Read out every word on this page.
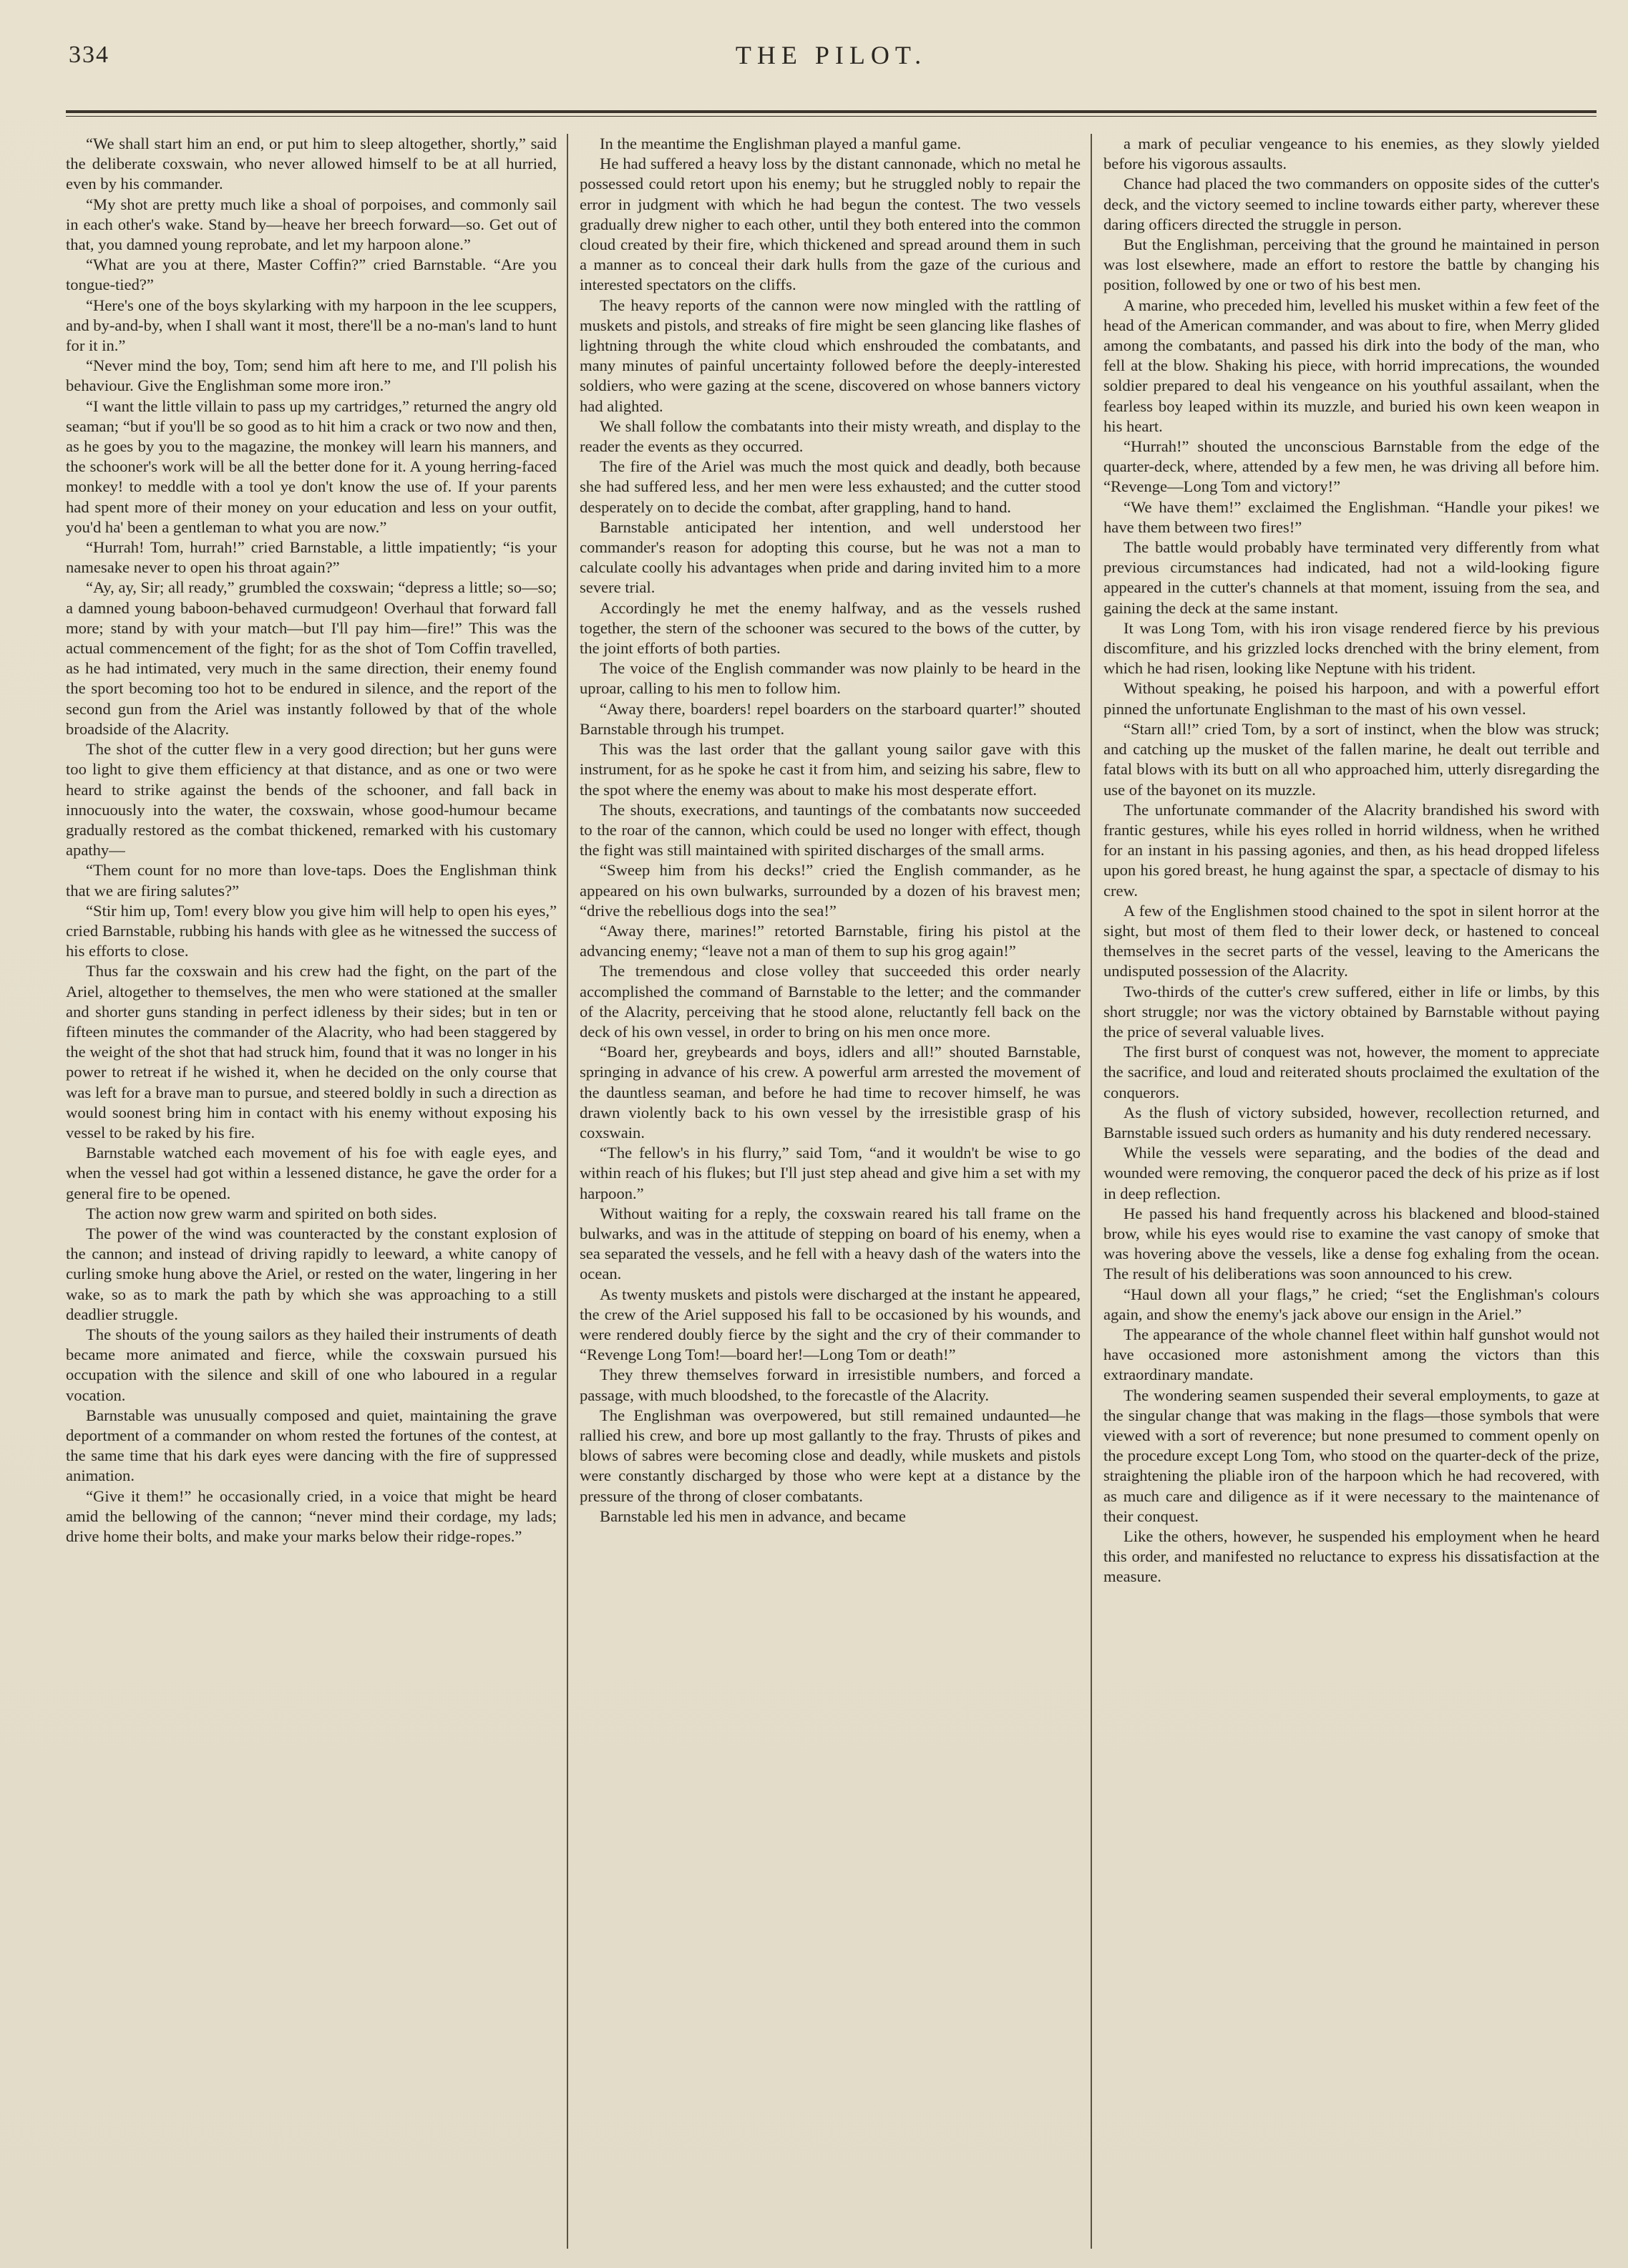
334	THE PILOT.

“We shall start him an end, or put him to sleep altogether, shortly,” said the deliberate coxswain, who never allowed himself to be at all hurried, even by his commander.

“My shot are pretty much like a shoal of porpoises, and commonly sail in each other's wake. Stand by—heave her breech forward—so. Get out of that, you damned young reprobate, and let my harpoon alone.”

“What are you at there, Master Coffin?” cried Barnstable. “Are you tongue-tied?”

“Here's one of the boys skylarking with my harpoon in the lee scuppers, and by-and-by, when I shall want it most, there'll be a no-man's land to hunt for it in.”

“Never mind the boy, Tom; send him aft here to me, and I'll polish his behaviour. Give the Englishman some more iron.”

“I want the little villain to pass up my cartridges,” returned the angry old seaman; “but if you'll be so good as to hit him a crack or two now and then, as he goes by you to the magazine, the monkey will learn his manners, and the schooner's work will be all the better done for it. A young herring-faced monkey! to meddle with a tool ye don't know the use of. If your parents had spent more of their money on your education and less on your outfit, you'd ha' been a gentleman to what you are now.”

“Hurrah! Tom, hurrah!” cried Barnstable, a little impatiently; “is your namesake never to open his throat again?”

“Ay, ay, Sir; all ready,” grumbled the coxswain; “depress a little; so—so; a damned young baboon-behaved curmudgeon! Overhaul that forward fall more; stand by with your match—but I'll pay him—fire!” This was the actual commencement of the fight; for as the shot of Tom Coffin travelled, as he had intimated, very much in the same direction, their enemy found the sport becoming too hot to be endured in silence, and the report of the second gun from the Ariel was instantly followed by that of the whole broadside of the Alacrity.

The shot of the cutter flew in a very good direction; but her guns were too light to give them efficiency at that distance, and as one or two were heard to strike against the bends of the schooner, and fall back in innocuously into the water, the coxswain, whose good-humour became gradually restored as the combat thickened, remarked with his customary apathy—

“Them count for no more than love-taps. Does the Englishman think that we are firing salutes?”

“Stir him up, Tom! every blow you give him will help to open his eyes,” cried Barnstable, rubbing his hands with glee as he witnessed the success of his efforts to close.

Thus far the coxswain and his crew had the fight, on the part of the Ariel, altogether to themselves, the men who were stationed at the smaller and shorter guns standing in perfect idleness by their sides; but in ten or fifteen minutes the commander of the Alacrity, who had been staggered by the weight of the shot that had struck him, found that it was no longer in his power to retreat if he wished it, when he decided on the only course that was left for a brave man to pursue, and steered boldly in such a direction as would soonest bring him in contact with his enemy without exposing his vessel to be raked by his fire.

Barnstable watched each movement of his foe with eagle eyes, and when the vessel had got within a lessened distance, he gave the order for a general fire to be opened.

The action now grew warm and spirited on both sides.

The power of the wind was counteracted by the constant explosion of the cannon; and instead of driving rapidly to leeward, a white canopy of curling smoke hung above the Ariel, or rested on the water, lingering in her wake, so as to mark the path by which she was approaching to a still deadlier struggle.

The shouts of the young sailors as they hailed their instruments of death became more animated and fierce, while the coxswain pursued his occupation with the silence and skill of one who laboured in a regular vocation.

Barnstable was unusually composed and quiet, maintaining the grave deportment of a commander on whom rested the fortunes of the contest, at the same time that his dark eyes were dancing with the fire of suppressed animation.

“Give it them!” he occasionally cried, in a voice that might be heard amid the bellowing of the cannon; “never mind their cordage, my lads; drive home their bolts, and make your marks below their ridge-ropes.”

In the meantime the Englishman played a manful game.

He had suffered a heavy loss by the distant cannonade, which no metal he possessed could retort upon his enemy; but he struggled nobly to repair the error in judgment with which he had begun the contest. The two vessels gradually drew nigher to each other, until they both entered into the common cloud created by their fire, which thickened and spread around them in such a manner as to conceal their dark hulls from the gaze of the curious and interested spectators on the cliffs.

The heavy reports of the cannon were now mingled with the rattling of muskets and pistols, and streaks of fire might be seen glancing like flashes of lightning through the white cloud which enshrouded the combatants, and many minutes of painful uncertainty followed before the deeply-interested soldiers, who were gazing at the scene, discovered on whose banners victory had alighted.

We shall follow the combatants into their misty wreath, and display to the reader the events as they occurred.

The fire of the Ariel was much the most quick and deadly, both because she had suffered less, and her men were less exhausted; and the cutter stood desperately on to decide the combat, after grappling, hand to hand.

Barnstable anticipated her intention, and well understood her commander's reason for adopting this course, but he was not a man to calculate coolly his advantages when pride and daring invited him to a more severe trial.

Accordingly he met the enemy halfway, and as the vessels rushed together, the stern of the schooner was secured to the bows of the cutter, by the joint efforts of both parties.

The voice of the English commander was now plainly to be heard in the uproar, calling to his men to follow him.

“Away there, boarders! repel boarders on the starboard quarter!” shouted Barnstable through his trumpet.

This was the last order that the gallant young sailor gave with this instrument, for as he spoke he cast it from him, and seizing his sabre, flew to the spot where the enemy was about to make his most desperate effort.

The shouts, execrations, and tauntings of the combatants now succeeded to the roar of the cannon, which could be used no longer with effect, though the fight was still maintained with spirited discharges of the small arms.

“Sweep him from his decks!” cried the English commander, as he appeared on his own bulwarks, surrounded by a dozen of his bravest men; “drive the rebellious dogs into the sea!”

“Away there, marines!” retorted Barnstable, firing his pistol at the advancing enemy; “leave not a man of them to sup his grog again!”

The tremendous and close volley that succeeded this order nearly accomplished the command of Barnstable to the letter; and the commander of the Alacrity, perceiving that he stood alone, reluctantly fell back on the deck of his own vessel, in order to bring on his men once more.

“Board her, greybeards and boys, idlers and all!” shouted Barnstable, springing in advance of his crew. A powerful arm arrested the movement of the dauntless seaman, and before he had time to recover himself, he was drawn violently back to his own vessel by the irresistible grasp of his coxswain.

“The fellow's in his flurry,” said Tom, “and it wouldn't be wise to go within reach of his flukes; but I'll just step ahead and give him a set with my harpoon.”

Without waiting for a reply, the coxswain reared his tall frame on the bulwarks, and was in the attitude of stepping on board of his enemy, when a sea separated the vessels, and he fell with a heavy dash of the waters into the ocean.

As twenty muskets and pistols were discharged at the instant he appeared, the crew of the Ariel supposed his fall to be occasioned by his wounds, and were rendered doubly fierce by the sight and the cry of their commander to “Revenge Long Tom!—board her!—Long Tom or death!”

They threw themselves forward in irresistible numbers, and forced a passage, with much bloodshed, to the forecastle of the Alacrity.

The Englishman was overpowered, but still remained undaunted—he rallied his crew, and bore up most gallantly to the fray. Thrusts of pikes and blows of sabres were becoming close and deadly, while muskets and pistols were constantly discharged by those who were kept at a distance by the pressure of the throng of closer combatants.

Barnstable led his men in advance, and became

a mark of peculiar vengeance to his enemies, as they slowly yielded before his vigorous assaults.

Chance had placed the two commanders on opposite sides of the cutter's deck, and the victory seemed to incline towards either party, wherever these daring officers directed the struggle in person.

But the Englishman, perceiving that the ground he maintained in person was lost elsewhere, made an effort to restore the battle by changing his position, followed by one or two of his best men.

A marine, who preceded him, levelled his musket within a few feet of the head of the American commander, and was about to fire, when Merry glided among the combatants, and passed his dirk into the body of the man, who fell at the blow. Shaking his piece, with horrid imprecations, the wounded soldier prepared to deal his vengeance on his youthful assailant, when the fearless boy leaped within its muzzle, and buried his own keen weapon in his heart.

“Hurrah!” shouted the unconscious Barnstable from the edge of the quarter-deck, where, attended by a few men, he was driving all before him. “Revenge—Long Tom and victory!”

“We have them!” exclaimed the Englishman. “Handle your pikes! we have them between two fires!”

The battle would probably have terminated very differently from what previous circumstances had indicated, had not a wild-looking figure appeared in the cutter's channels at that moment, issuing from the sea, and gaining the deck at the same instant.

It was Long Tom, with his iron visage rendered fierce by his previous discomfiture, and his grizzled locks drenched with the briny element, from which he had risen, looking like Neptune with his trident.

Without speaking, he poised his harpoon, and with a powerful effort pinned the unfortunate Englishman to the mast of his own vessel.

“Starn all!” cried Tom, by a sort of instinct, when the blow was struck; and catching up the musket of the fallen marine, he dealt out terrible and fatal blows with its butt on all who approached him, utterly disregarding the use of the bayonet on its muzzle.

The unfortunate commander of the Alacrity brandished his sword with frantic gestures, while his eyes rolled in horrid wildness, when he writhed for an instant in his passing agonies, and then, as his head dropped lifeless upon his gored breast, he hung against the spar, a spectacle of dismay to his crew.

A few of the Englishmen stood chained to the spot in silent horror at the sight, but most of them fled to their lower deck, or hastened to conceal themselves in the secret parts of the vessel, leaving to the Americans the undisputed possession of the Alacrity.

Two-thirds of the cutter's crew suffered, either in life or limbs, by this short struggle; nor was the victory obtained by Barnstable without paying the price of several valuable lives.

The first burst of conquest was not, however, the moment to appreciate the sacrifice, and loud and reiterated shouts proclaimed the exultation of the conquerors.

As the flush of victory subsided, however, recollection returned, and Barnstable issued such orders as humanity and his duty rendered necessary.

While the vessels were separating, and the bodies of the dead and wounded were removing, the conqueror paced the deck of his prize as if lost in deep reflection.

He passed his hand frequently across his blackened and blood-stained brow, while his eyes would rise to examine the vast canopy of smoke that was hovering above the vessels, like a dense fog exhaling from the ocean. The result of his deliberations was soon announced to his crew.

“Haul down all your flags,” he cried; “set the Englishman's colours again, and show the enemy's jack above our ensign in the Ariel.”

The appearance of the whole channel fleet within half gunshot would not have occasioned more astonishment among the victors than this extraordinary mandate.

The wondering seamen suspended their several employments, to gaze at the singular change that was making in the flags—those symbols that were viewed with a sort of reverence; but none presumed to comment openly on the procedure except Long Tom, who stood on the quarter-deck of the prize, straightening the pliable iron of the harpoon which he had recovered, with as much care and diligence as if it were necessary to the maintenance of their conquest.

Like the others, however, he suspended his employment when he heard this order, and manifested no reluctance to express his dissatisfaction at the measure.
